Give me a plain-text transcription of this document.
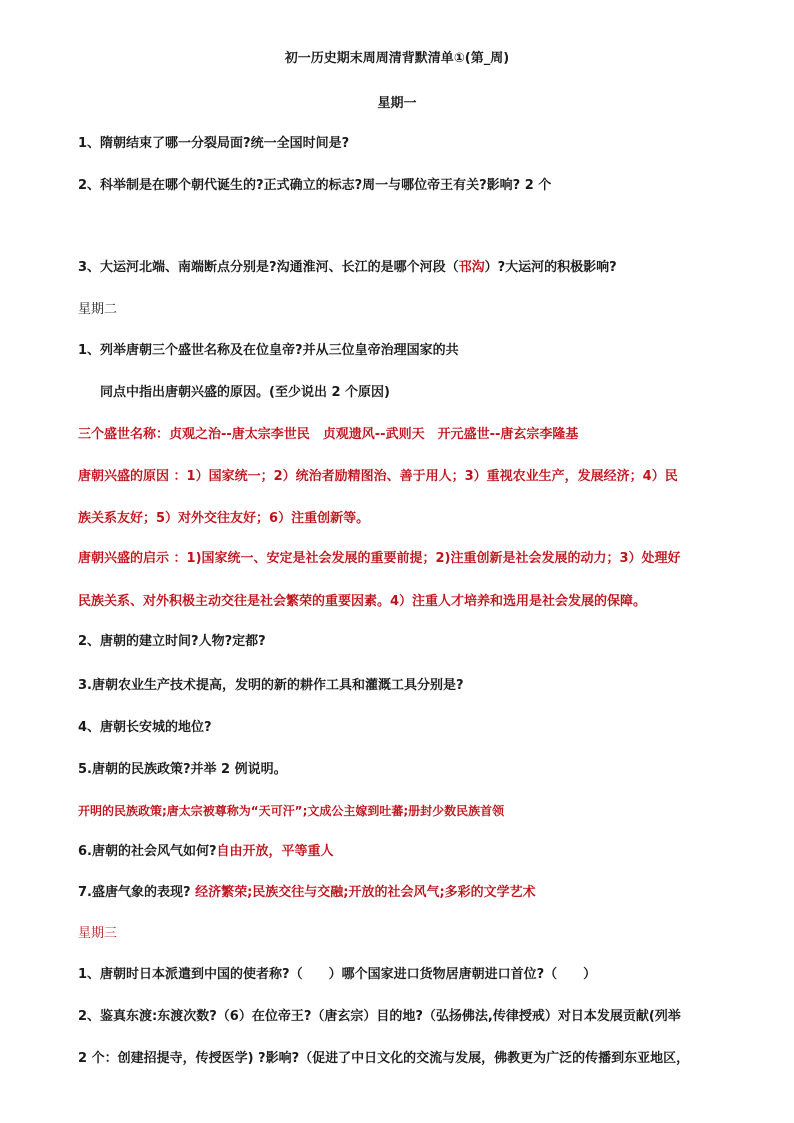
初一历史期末周周清背默清单①(第_周)
星期一
1、隋朝结束了哪一分裂局面?统一全国时间是?
2、科举制是在哪个朝代诞生的?正式确立的标志?周一与哪位帝王有关?影响? 2 个
3、大运河北端、南端断点分别是?沟通淮河、长江的是哪个河段（邗沟）?大运河的积极影响?
星期二
1、列举唐朝三个盛世名称及在位皇帝?并从三位皇帝治理国家的共
同点中指出唐朝兴盛的原因。(至少说出 2 个原因)
三个盛世名称：贞观之治--唐太宗李世民　贞观遗风--武则天　开元盛世--唐玄宗李隆基
唐朝兴盛的原因 ：1）国家统一；2）统治者励精图治、善于用人；3）重视农业生产，发展经济；4）民
族关系友好；5）对外交往友好；6）注重创新等。
唐朝兴盛的启示 ：1)国家统一、安定是社会发展的重要前提；2)注重创新是社会发展的动力；3）处理好
民族关系、对外积极主动交往是社会繁荣的重要因素。4）注重人才培养和选用是社会发展的保障。
2、唐朝的建立时间?人物?定都?
3.唐朝农业生产技术提高，发明的新的耕作工具和灌溉工具分别是?
4、唐朝长安城的地位?
5.唐朝的民族政策?并举 2 例说明。
开明的民族政策;唐太宗被尊称为“天可汗”;文成公主嫁到吐蕃;册封少数民族首领
6.唐朝的社会风气如何?自由开放，平等重人
7.盛唐气象的表现? 经济繁荣;民族交往与交融;开放的社会风气;多彩的文学艺术
星期三
1、唐朝时日本派遣到中国的使者称?（　　）哪个国家进口货物居唐朝进口首位?（　　）
2、鉴真东渡:东渡次数?（6）在位帝王?（唐玄宗）目的地?（弘扬佛法,传律授戒）对日本发展贡献(列举
2 个：创建招提寺，传授医学) ?影响?（促进了中日文化的交流与发展，佛教更为广泛的传播到东亚地区，
